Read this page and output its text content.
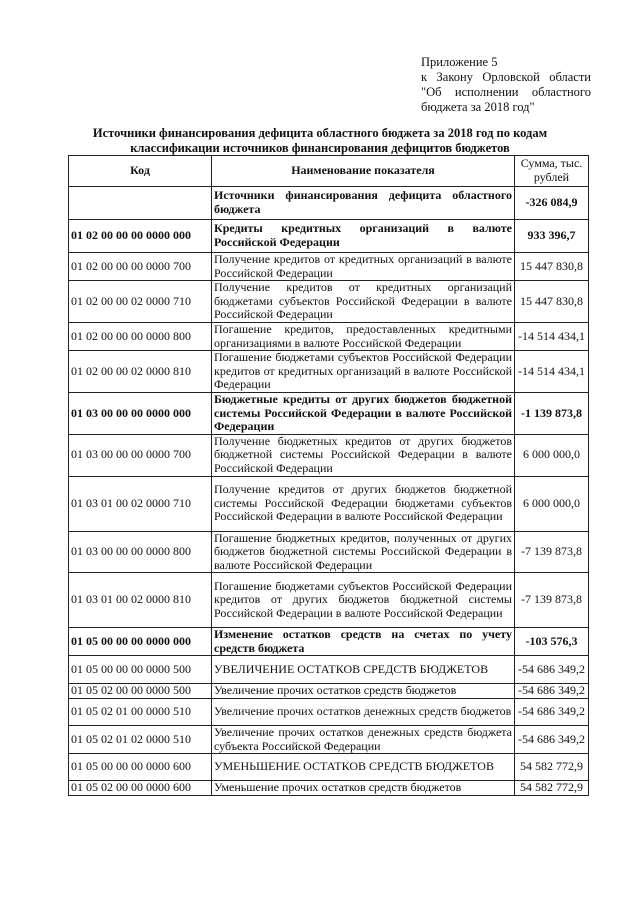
Приложение 5
к Закону Орловской области
"Об исполнении областного
бюджета за 2018 год"
Источники финансирования дефицита областного бюджета за 2018 год по кодам классификации источников финансирования дефицитов бюджетов
Код	Наименование показателя	Сумма, тыс. рублей
	Источники финансирования дефицита областного бюджета	-326 084,9
01 02 00 00 00 0000 000	Кредиты кредитных организаций в валюте Российской Федерации	933 396,7
01 02 00 00 00 0000 700	Получение кредитов от кредитных организаций в валюте Российской Федерации	15 447 830,8
01 02 00 00 02 0000 710	Получение кредитов от кредитных организаций бюджетами субъектов Российской Федерации в валюте Российской Федерации	15 447 830,8
01 02 00 00 00 0000 800	Погашение кредитов, предоставленных кредитными организациями в валюте Российской Федерации	-14 514 434,1
01 02 00 00 02 0000 810	Погашение бюджетами субъектов Российской Федерации кредитов от кредитных организаций в валюте Российской Федерации	-14 514 434,1
01 03 00 00 00 0000 000	Бюджетные кредиты от других бюджетов бюджетной системы Российской Федерации в валюте Российской Федерации	-1 139 873,8
01 03 00 00 00 0000 700	Получение бюджетных кредитов от других бюджетов бюджетной системы Российской Федерации в валюте Российской Федерации	6 000 000,0
01 03 01 00 02 0000 710	Получение кредитов от других бюджетов бюджетной системы Российской Федерации бюджетами субъектов Российской Федерации в валюте Российской Федерации	6 000 000,0
01 03 00 00 00 0000 800	Погашение бюджетных кредитов, полученных от других бюджетов бюджетной системы Российской Федерации в валюте Российской Федерации	-7 139 873,8
01 03 01 00 02 0000 810	Погашение бюджетами субъектов Российской Федерации кредитов от других бюджетов бюджетной системы Российской Федерации в валюте Российской Федерации	-7 139 873,8
01 05 00 00 00 0000 000	Изменение остатков средств на счетах по учету средств бюджета	-103 576,3
01 05 00 00 00 0000 500	УВЕЛИЧЕНИЕ ОСТАТКОВ СРЕДСТВ БЮДЖЕТОВ	-54 686 349,2
01 05 02 00 00 0000 500	Увеличение прочих остатков средств бюджетов	-54 686 349,2
01 05 02 01 00 0000 510	Увеличение прочих остатков денежных средств бюджетов	-54 686 349,2
01 05 02 01 02 0000 510	Увеличение прочих остатков денежных средств бюджета субъекта Российской Федерации	-54 686 349,2
01 05 00 00 00 0000 600	УМЕНЬШЕНИЕ ОСТАТКОВ СРЕДСТВ БЮДЖЕТОВ	54 582 772,9
01 05 02 00 00 0000 600	Уменьшение прочих остатков средств бюджетов	54 582 772,9
